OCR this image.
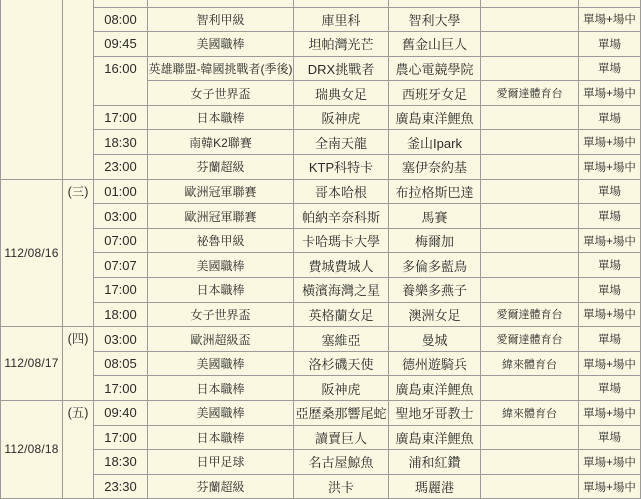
		08:00	智利甲級	庫里科	智利大學		單場+場中
		09:45	美國職棒	坦帕灣光芒	舊金山巨人		單場
		16:00	英雄聯盟-韓國挑戰者(季後)	DRX挑戰者	農心電競學院		單場
			女子世界盃	瑞典女足	西班牙女足	愛爾達體育台	單場+場中
		17:00	日本職棒	阪神虎	廣島東洋鯉魚		單場
		18:30	南韓K2聯賽	全南天龍	釜山Ipark		單場+場中
		23:00	芬蘭超級	KTP科特卡	塞伊奈約基		單場+場中

112/08/16	(三)	01:00	歐洲冠軍聯賽	哥本哈根	布拉格斯巴達		單場
		03:00	歐洲冠軍聯賽	帕納辛奈科斯	馬賽		單場
		07:00	祕魯甲級	卡哈瑪卡大學	梅爾加		單場+場中
		07:07	美國職棒	費城費城人	多倫多藍鳥		單場
		17:00	日本職棒	橫濱海灣之星	養樂多燕子		單場
		18:00	女子世界盃	英格蘭女足	澳洲女足	愛爾達體育台	單場+場中

112/08/17	(四)	03:00	歐洲超級盃	塞維亞	曼城	愛爾達體育台	單場
		08:05	美國職棒	洛杉磯天使	德州遊騎兵	緯來體育台	單場+場中
		17:00	日本職棒	阪神虎	廣島東洋鯉魚		單場

112/08/18	(五)	09:40	美國職棒	亞歷桑那響尾蛇	聖地牙哥教士	緯來體育台	單場+場中
		17:00	日本職棒	讀賣巨人	廣島東洋鯉魚		單場
		18:30	日甲足球	名古屋鯨魚	浦和紅鑽		單場+場中
		23:30	芬蘭超級	洪卡	瑪麗港		單場+場中
